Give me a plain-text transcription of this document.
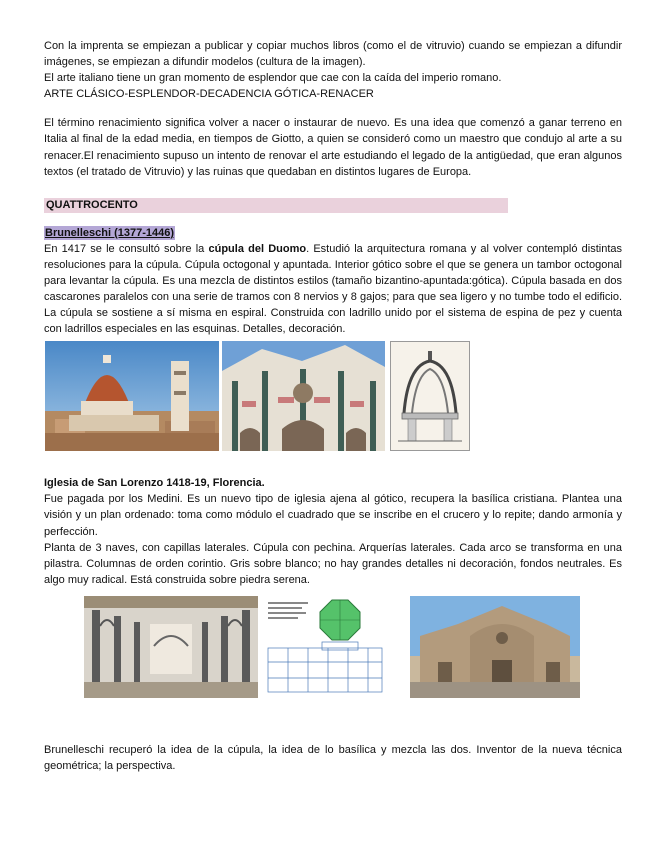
Con la imprenta se empiezan a publicar y copiar muchos libros (como el de vitruvio) cuando se empiezan a difundir imágenes, se empiezan a difundir modelos (cultura de la imagen).

El arte italiano tiene un gran momento de esplendor que cae con la caída del imperio romano.

ARTE CLÁSICO-ESPLENDOR-DECADENCIA GÓTICA-RENACER

El término renacimiento significa volver a nacer o instaurar de nuevo. Es una idea que comenzó a ganar terreno en Italia al final de la edad media, en tiempos de Giotto, a quien se consideró como un maestro que condujo al arte a su renacer.El renacimiento supuso un intento de renovar el arte estudiando el legado de la antigüedad, que eran algunos textos (el tratado de Vitruvio) y las ruinas que quedaban en distintos lugares de Europa.

QUATTROCENTO
Brunelleschi (1377-1446)

En 1417 se le consultó sobre la cúpula del Duomo. Estudió la arquitectura romana y al volver contempló distintas resoluciones para la cúpula. Cúpula octogonal y apuntada. Interior gótico sobre el que se genera un tambor octogonal para levantar la cúpula. Es una mezcla de distintos estilos (tamaño bizantino-apuntada:gótica). Cúpula basada en dos cascarones paralelos con una serie de tramos con 8 nervios y 8 gajos; para que sea ligero y no tumbe todo el edificio. La cúpula se sostiene a sí misma en espiral. Construida con ladrillo unido por el sistema de espina de pez y cuenta con ladrillos especiales en las esquinas. Detalles, decoración.

Iglesia de San Lorenzo 1418-19, Florencia.

Fue pagada por los Medini. Es un nuevo tipo de iglesia ajena al gótico, recupera la basílica cristiana. Plantea una visión y un plan ordenado: toma como módulo el cuadrado que se inscribe en el crucero y lo repite; dando armonía y perfección.

Planta de 3 naves, con capillas laterales. Cúpula con pechina. Arquerías laterales. Cada arco se transforma en una pilastra. Columnas de orden corintio. Gris sobre blanco; no hay grandes detalles ni decoración, fondos neutrales. Es algo muy radical. Está construida sobre piedra serena.

Brunelleschi recuperó la idea de la cúpula, la idea de lo basílica y mezcla las dos. Inventor de la nueva técnica geométrica; la perspectiva.
